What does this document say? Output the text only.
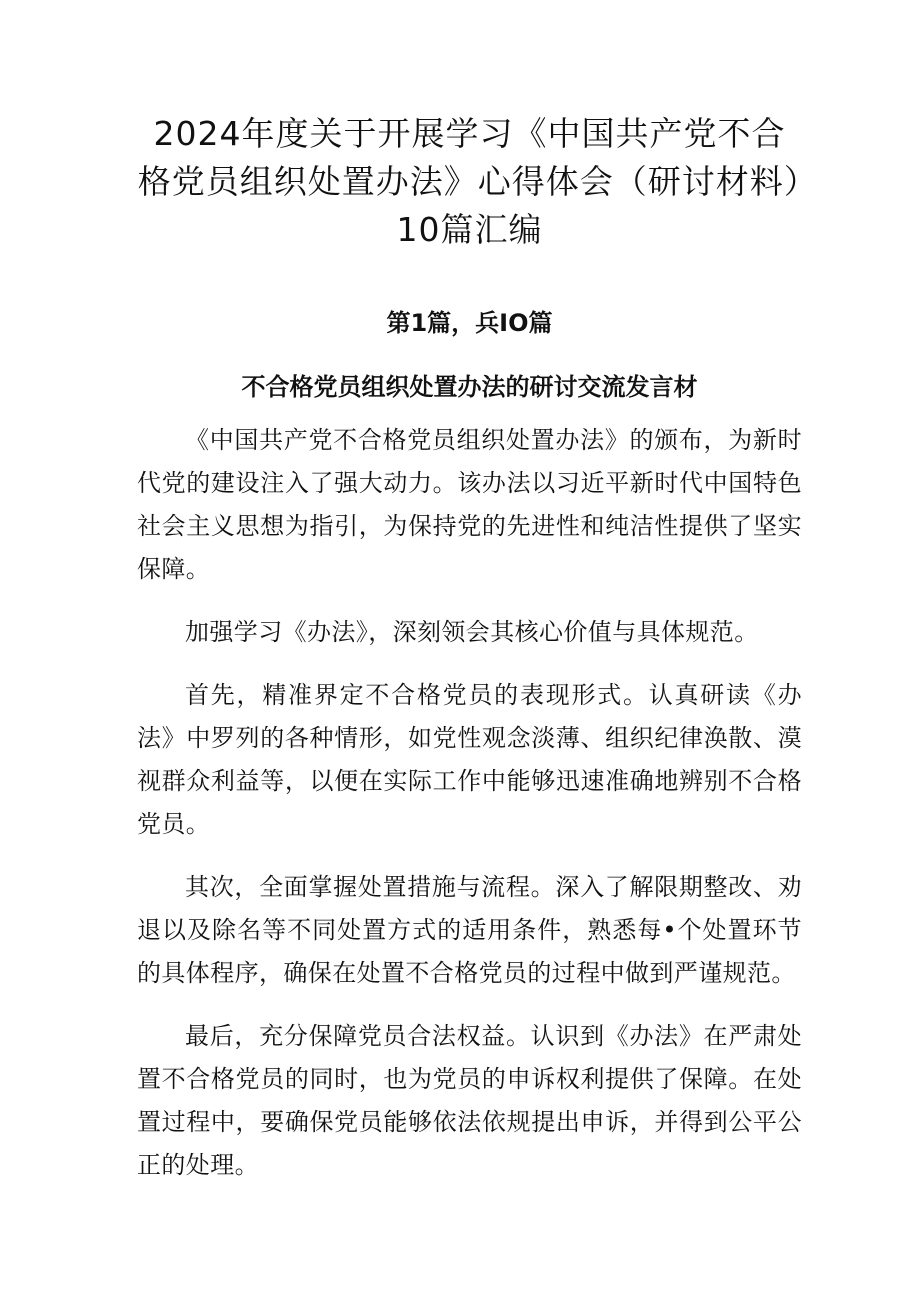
2024年度关于开展学习《中国共产党不合格党员组织处置办法》心得体会（研讨材料）10篇汇编
第1篇，兵IO篇
不合格党员组织处置办法的研讨交流发言材

《中国共产党不合格党员组织处置办法》的颁布，为新时代党的建设注入了强大动力。该办法以习近平新时代中国特色社会主义思想为指引，为保持党的先进性和纯洁性提供了坚实保障。

加强学习《办法》，深刻领会其核心价值与具体规范。

首先，精准界定不合格党员的表现形式。认真研读《办法》中罗列的各种情形，如党性观念淡薄、组织纪律涣散、漠视群众利益等，以便在实际工作中能够迅速准确地辨别不合格党员。

其次，全面掌握处置措施与流程。深入了解限期整改、劝退以及除名等不同处置方式的适用条件，熟悉每•个处置环节的具体程序，确保在处置不合格党员的过程中做到严谨规范。

最后，充分保障党员合法权益。认识到《办法》在严肃处置不合格党员的同时，也为党员的申诉权利提供了保障。在处置过程中，要确保党员能够依法依规提出申诉，并得到公平公正的处理。
